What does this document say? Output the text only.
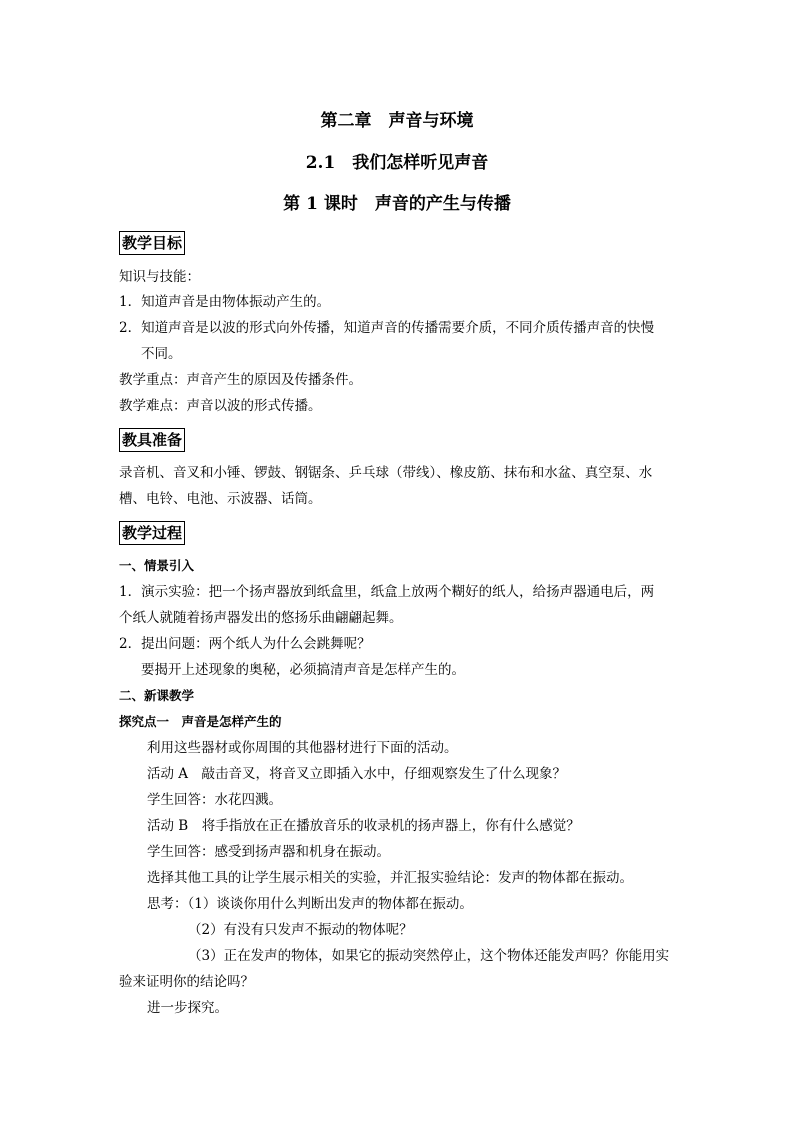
第二章　声音与环境
2.1　我们怎样听见声音
第 1 课时　声音的产生与传播
教学目标
知识与技能：
1．知道声音是由物体振动产生的。
2．知道声音是以波的形式向外传播，知道声音的传播需要介质，不同介质传播声音的快慢
不同。
教学重点：声音产生的原因及传播条件。
教学难点：声音以波的形式传播。
教具准备
录音机、音叉和小锤、锣鼓、钢锯条、乒乓球（带线）、橡皮筋、抹布和水盆、真空泵、水
槽、电铃、电池、示波器、话筒。
教学过程
一、情景引入
1．演示实验：把一个扬声器放到纸盒里，纸盒上放两个糊好的纸人，给扬声器通电后，两
个纸人就随着扬声器发出的悠扬乐曲翩翩起舞。
2．提出问题：两个纸人为什么会跳舞呢？
要揭开上述现象的奥秘，必须搞清声音是怎样产生的。
二、新课教学
探究点一　声音是怎样产生的
利用这些器材或你周围的其他器材进行下面的活动。
活动 A　敲击音叉，将音叉立即插入水中，仔细观察发生了什么现象？
学生回答：水花四溅。
活动 B　将手指放在正在播放音乐的收录机的扬声器上，你有什么感觉？
学生回答：感受到扬声器和机身在振动。
选择其他工具的让学生展示相关的实验，并汇报实验结论：发声的物体都在振动。
思考：（1）谈谈你用什么判断出发声的物体都在振动。
（2）有没有只发声不振动的物体呢？
（3）正在发声的物体，如果它的振动突然停止，这个物体还能发声吗？你能用实
验来证明你的结论吗？
进一步探究。
